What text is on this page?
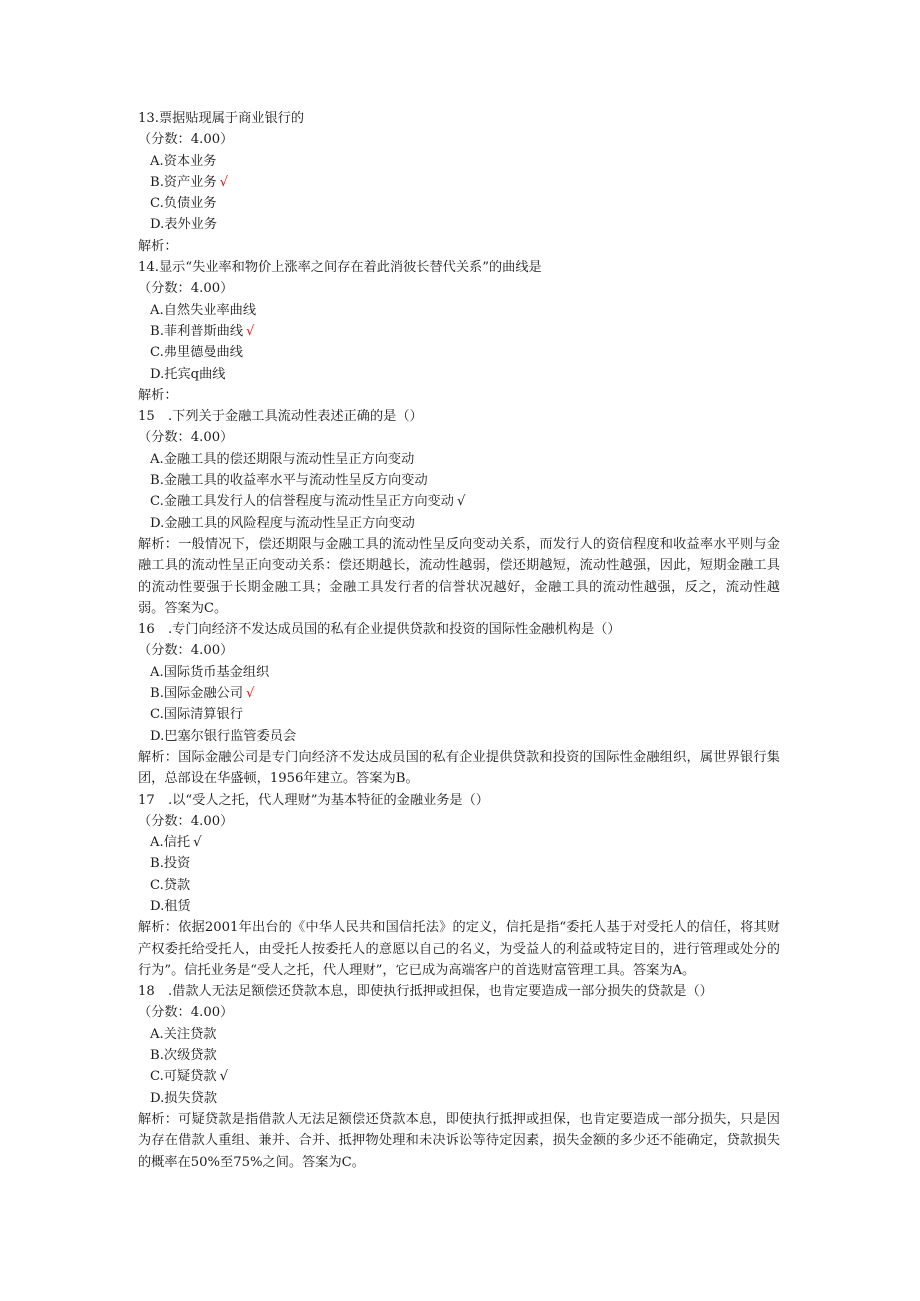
13.票据贴现属于商业银行的
（分数：4.00）
A.资本业务
B.资产业务 √
C.负债业务
D.表外业务
解析：
14.显示“失业率和物价上涨率之间存在着此消彼长替代关系”的曲线是
（分数：4.00）
A.自然失业率曲线
B.菲利普斯曲线 √
C.弗里德曼曲线
D.托宾q曲线
解析：
15　.下列关于金融工具流动性表述正确的是（）
（分数：4.00）
A.金融工具的偿还期限与流动性呈正方向变动
B.金融工具的收益率水平与流动性呈反方向变动
C.金融工具发行人的信誉程度与流动性呈正方向变动 √
D.金融工具的风险程度与流动性呈正方向变动
解析：一般情况下，偿还期限与金融工具的流动性呈反向变动关系，而发行人的资信程度和收益率水平则与金融工具的流动性呈正向变动关系：偿还期越长，流动性越弱，偿还期越短，流动性越强，因此，短期金融工具的流动性要强于长期金融工具；金融工具发行者的信誉状况越好，金融工具的流动性越强，反之，流动性越弱。答案为C。
16　.专门向经济不发达成员国的私有企业提供贷款和投资的国际性金融机构是（）
（分数：4.00）
A.国际货币基金组织
B.国际金融公司 √
C.国际清算银行
D.巴塞尔银行监管委员会
解析：国际金融公司是专门向经济不发达成员国的私有企业提供贷款和投资的国际性金融组织，属世界银行集团，总部设在华盛顿，1956年建立。答案为B。
17　.以“受人之托，代人理财”为基本特征的金融业务是（）
（分数：4.00）
A.信托 √
B.投资
C.贷款
D.租赁
解析：依据2001年出台的《中华人民共和国信托法》的定义，信托是指“委托人基于对受托人的信任，将其财产权委托给受托人，由受托人按委托人的意愿以自己的名义，为受益人的利益或特定目的，进行管理或处分的行为”。信托业务是“受人之托，代人理财”，它已成为高端客户的首选财富管理工具。答案为A。
18　.借款人无法足额偿还贷款本息，即使执行抵押或担保，也肯定要造成一部分损失的贷款是（）
（分数：4.00）
A.关注贷款
B.次级贷款
C.可疑贷款 √
D.损失贷款
解析：可疑贷款是指借款人无法足额偿还贷款本息，即使执行抵押或担保，也肯定要造成一部分损失，只是因为存在借款人重组、兼并、合并、抵押物处理和未决诉讼等待定因素，损失金额的多少还不能确定，贷款损失的概率在50%至75%之间。答案为C。
